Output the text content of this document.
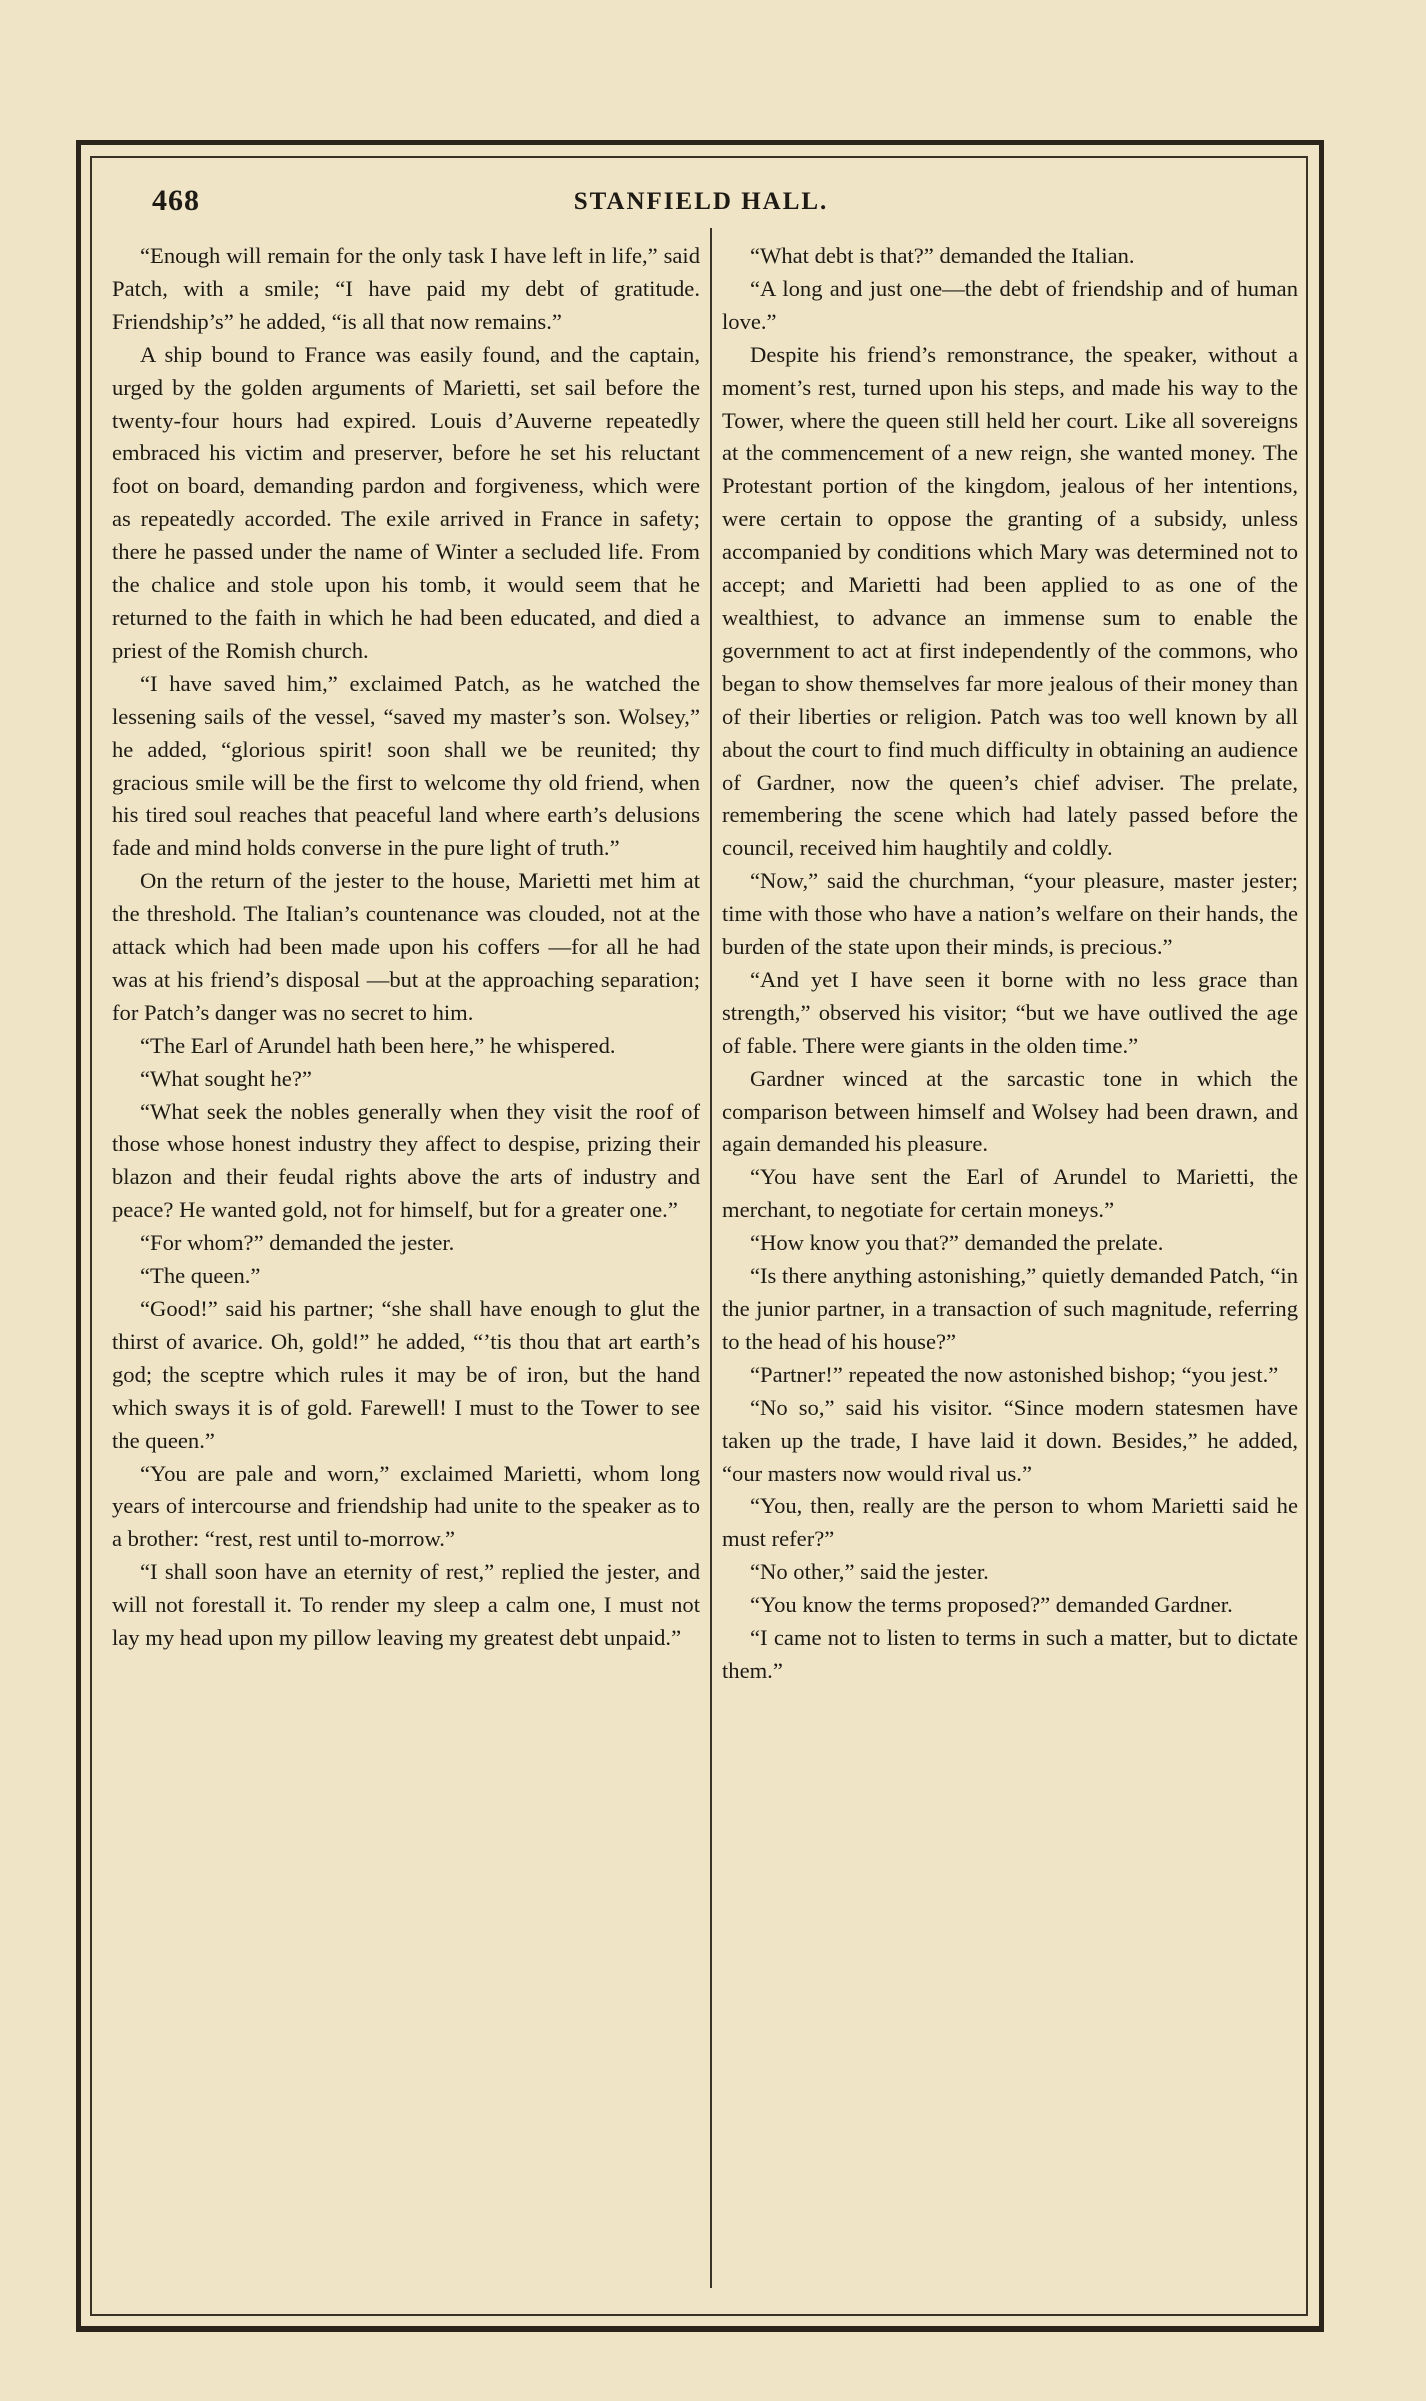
468	STANFIELD HALL.

“Enough will remain for the only task I have left in life,” said Patch, with a smile; “I have paid my debt of gratitude. Friendship’s” he added, “is all that now remains.”

A ship bound to France was easily found, and the captain, urged by the golden arguments of Marietti, set sail before the twenty-four hours had expired. Louis d’Auverne repeatedly embraced his victim and preserver, before he set his reluctant foot on board, demanding pardon and forgiveness, which were as repeatedly accorded. The exile arrived in France in safety; there he passed under the name of Winter a secluded life. From the chalice and stole upon his tomb, it would seem that he returned to the faith in which he had been educated, and died a priest of the Romish church.

“I have saved him,” exclaimed Patch, as he watched the lessening sails of the vessel, “saved my master’s son. Wolsey,” he added, “glorious spirit! soon shall we be reunited; thy gracious smile will be the first to welcome thy old friend, when his tired soul reaches that peaceful land where earth’s delusions fade and mind holds converse in the pure light of truth.”

On the return of the jester to the house, Marietti met him at the threshold. The Italian’s countenance was clouded, not at the attack which had been made upon his coffers —for all he had was at his friend’s disposal —but at the approaching separation; for Patch’s danger was no secret to him.

“The Earl of Arundel hath been here,” he whispered.

“What sought he?”

“What seek the nobles generally when they visit the roof of those whose honest industry they affect to despise, prizing their blazon and their feudal rights above the arts of industry and peace? He wanted gold, not for himself, but for a greater one.”

“For whom?” demanded the jester.

“The queen.”

“Good!” said his partner; “she shall have enough to glut the thirst of avarice. Oh, gold!” he added, “’tis thou that art earth’s god; the sceptre which rules it may be of iron, but the hand which sways it is of gold. Farewell! I must to the Tower to see the queen.”

“You are pale and worn,” exclaimed Marietti, whom long years of intercourse and friendship had unite to the speaker as to a brother: “rest, rest until to-morrow.”

“I shall soon have an eternity of rest,” replied the jester, and will not forestall it. To render my sleep a calm one, I must not lay my head upon my pillow leaving my greatest debt unpaid.”

“What debt is that?” demanded the Italian.

“A long and just one—the debt of friendship and of human love.”

Despite his friend’s remonstrance, the speaker, without a moment’s rest, turned upon his steps, and made his way to the Tower, where the queen still held her court. Like all sovereigns at the commencement of a new reign, she wanted money. The Protestant portion of the kingdom, jealous of her intentions, were certain to oppose the granting of a subsidy, unless accompanied by conditions which Mary was determined not to accept; and Marietti had been applied to as one of the wealthiest, to advance an immense sum to enable the government to act at first independently of the commons, who began to show themselves far more jealous of their money than of their liberties or religion. Patch was too well known by all about the court to find much difficulty in obtaining an audience of Gardner, now the queen’s chief adviser. The prelate, remembering the scene which had lately passed before the council, received him haughtily and coldly.

“Now,” said the churchman, “your pleasure, master jester; time with those who have a nation’s welfare on their hands, the burden of the state upon their minds, is precious.”

“And yet I have seen it borne with no less grace than strength,” observed his visitor; “but we have outlived the age of fable. There were giants in the olden time.”

Gardner winced at the sarcastic tone in which the comparison between himself and Wolsey had been drawn, and again demanded his pleasure.

“You have sent the Earl of Arundel to Marietti, the merchant, to negotiate for certain moneys.”

“How know you that?” demanded the prelate.

“Is there anything astonishing,” quietly demanded Patch, “in the junior partner, in a transaction of such magnitude, referring to the head of his house?”

“Partner!” repeated the now astonished bishop; “you jest.”

“No so,” said his visitor. “Since modern statesmen have taken up the trade, I have laid it down. Besides,” he added, “our masters now would rival us.”

“You, then, really are the person to whom Marietti said he must refer?”

“No other,” said the jester.

“You know the terms proposed?” demanded Gardner.

“I came not to listen to terms in such a matter, but to dictate them.”
